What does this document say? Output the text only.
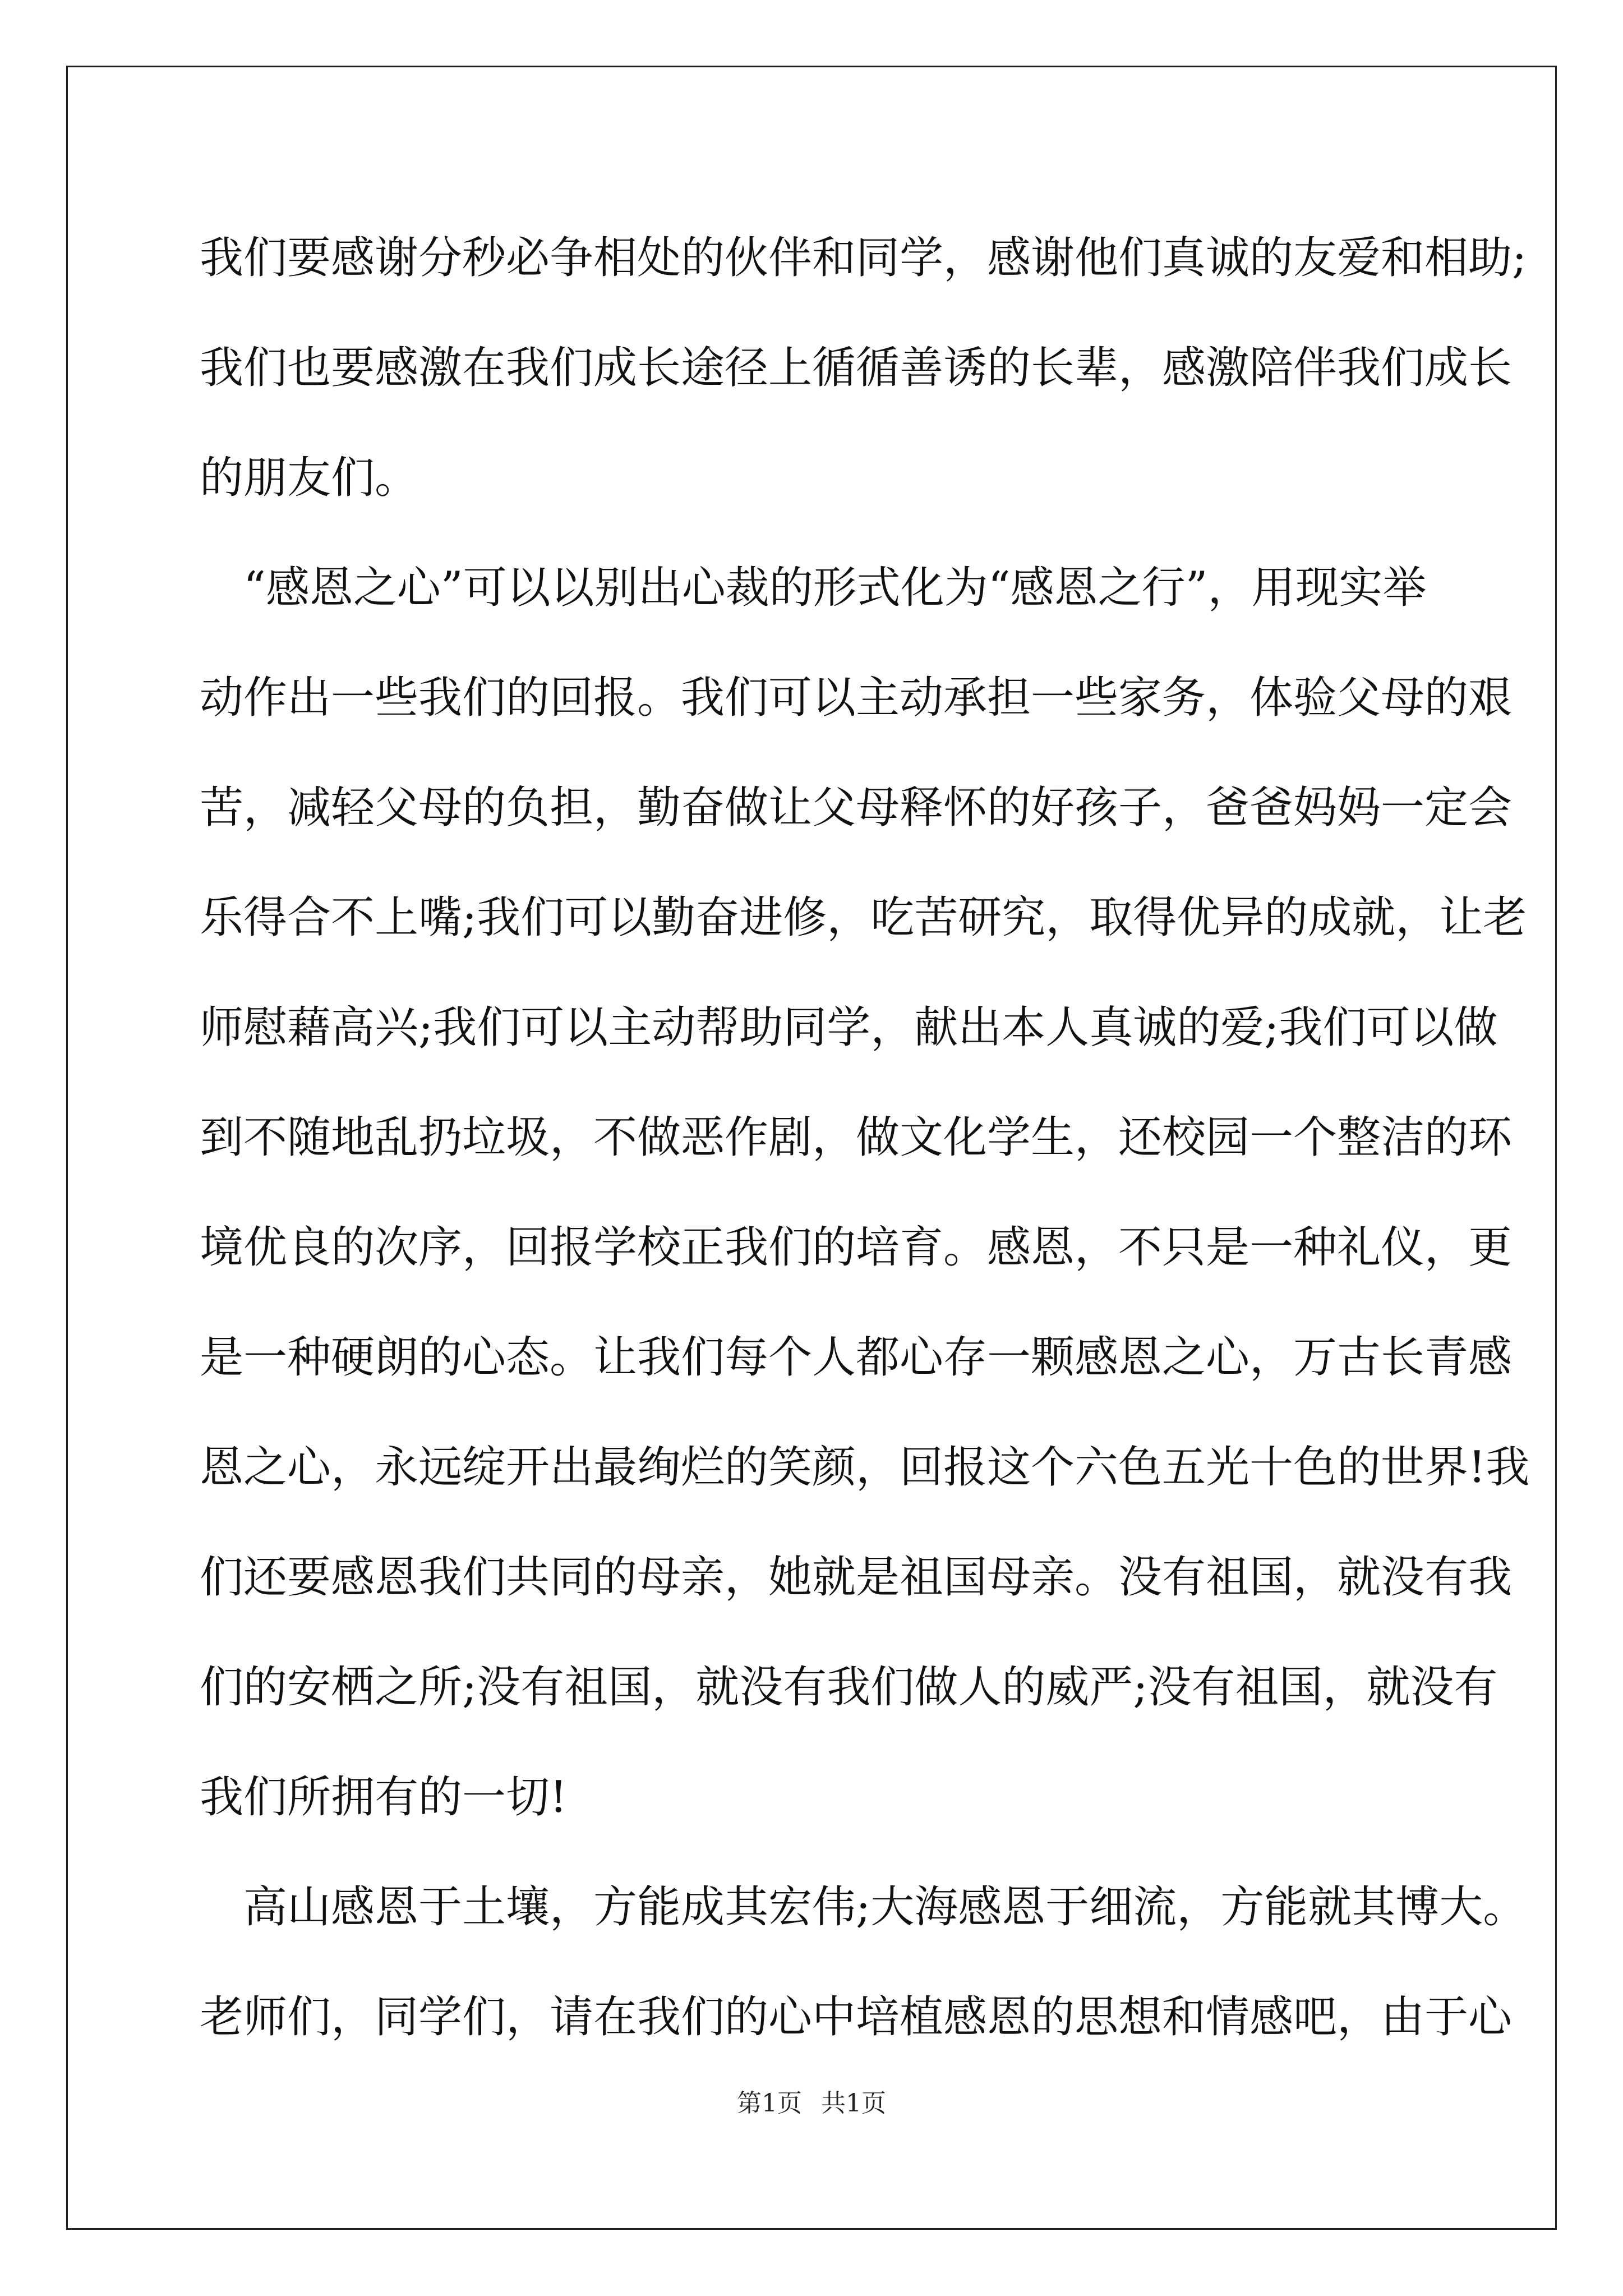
我们要感谢分秒必争相处的伙伴和同学，感谢他们真诚的友爱和相助;
我们也要感激在我们成长途径上循循善诱的长辈，感激陪伴我们成长
的朋友们。
　“感恩之心”可以以别出心裁的形式化为“感恩之行”，用现实举
动作出一些我们的回报。我们可以主动承担一些家务，体验父母的艰
苦，减轻父母的负担，勤奋做让父母释怀的好孩子，爸爸妈妈一定会
乐得合不上嘴;我们可以勤奋进修，吃苦研究，取得优异的成就，让老
师慰藉高兴;我们可以主动帮助同学，献出本人真诚的爱;我们可以做
到不随地乱扔垃圾，不做恶作剧，做文化学生，还校园一个整洁的环
境优良的次序，回报学校正我们的培育。感恩，不只是一种礼仪，更
是一种硬朗的心态。让我们每个人都心存一颗感恩之心，万古长青感
恩之心，永远绽开出最绚烂的笑颜，回报这个六色五光十色的世界!我
们还要感恩我们共同的母亲，她就是祖国母亲。没有祖国，就没有我
们的安栖之所;没有祖国，就没有我们做人的威严;没有祖国，就没有
我们所拥有的一切!
　高山感恩于土壤，方能成其宏伟;大海感恩于细流，方能就其博大。
老师们，同学们，请在我们的心中培植感恩的思想和情感吧，由于心
第1页 共1页
